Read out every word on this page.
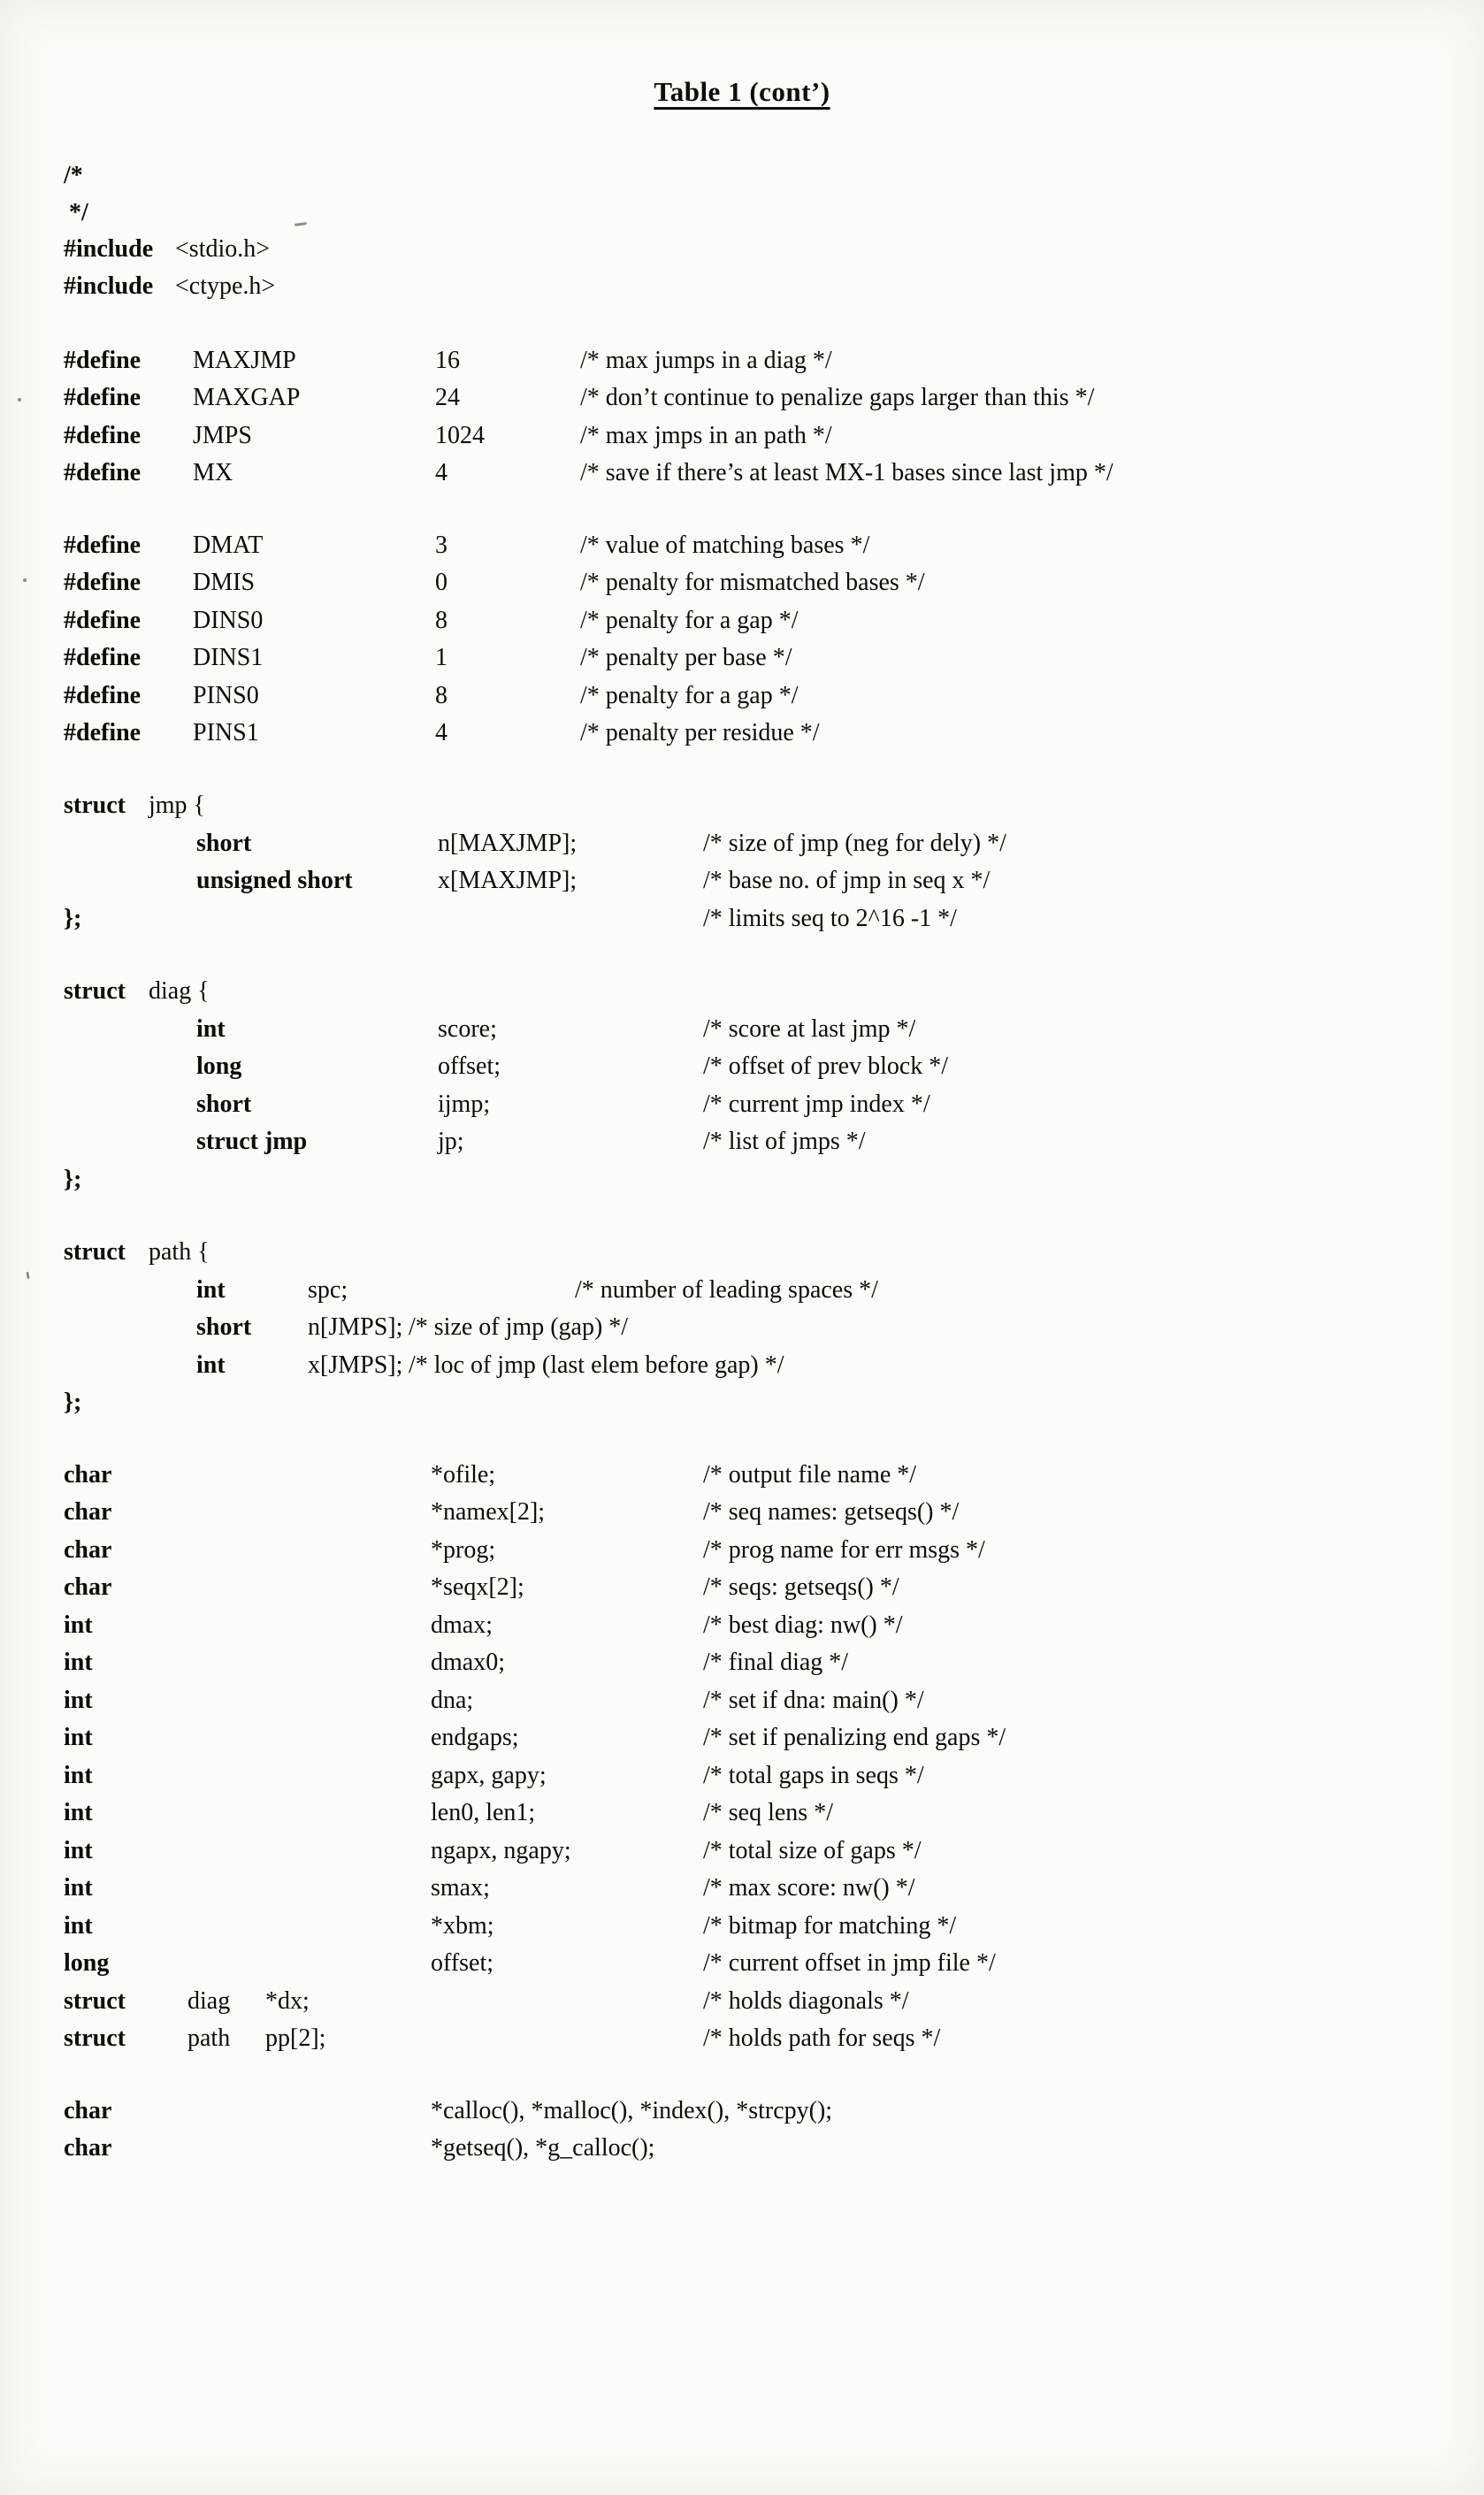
Table 1 (cont’)
/*
*/
#include <stdio.h>
#include <ctype.h>
#define MAXJMP	16	/* max jumps in a diag */
#define MAXGAP	24	/* don’t continue to penalize gaps larger than this */
#define JMPS	1024	/* max jmps in an path */
#define MX	4	/* save if there’s at least MX-1 bases since last jmp */
#define DMAT	3	/* value of matching bases */
#define DMIS	0	/* penalty for mismatched bases */
#define DINS0	8	/* penalty for a gap */
#define DINS1	1	/* penalty per base */
#define PINS0	8	/* penalty for a gap */
#define PINS1	4	/* penalty per residue */
struct jmp {
short	n[MAXJMP];	/* size of jmp (neg for dely) */
unsigned short	x[MAXJMP];	/* base no. of jmp in seq x */
};	/* limits seq to 2^16 -1 */
struct diag {
int	score;	/* score at last jmp */
long	offset;	/* offset of prev block */
short	ijmp;	/* current jmp index */
struct jmp	jp;	/* list of jmps */
};
struct path {
int	spc;	/* number of leading spaces */
short n[JMPS]; /* size of jmp (gap) */
int	x[JMPS]; /* loc of jmp (last elem before gap) */
};
char	*ofile;	/* output file name */
char	*namex[2];	/* seq names: getseqs() */
char	*prog;	/* prog name for err msgs */
char	*seqx[2];	/* seqs: getseqs() */
int	dmax;	/* best diag: nw() */
int	dmax0;	/* final diag */
int	dna;	/* set if dna: main() */
int	endgaps;	/* set if penalizing end gaps */
int	gapx, gapy;	/* total gaps in seqs */
int	len0, len1;	/* seq lens */
int	ngapx, ngapy;	/* total size of gaps */
int	smax;	/* max score: nw() */
int	*xbm;	/* bitmap for matching */
long	offset;	/* current offset in jmp file */
struct	diag *dx;	/* holds diagonals */
struct	path pp[2];	/* holds path for seqs */
char	*calloc(), *malloc(), *index(), *strcpy();
char	*getseq(), *g_calloc();
